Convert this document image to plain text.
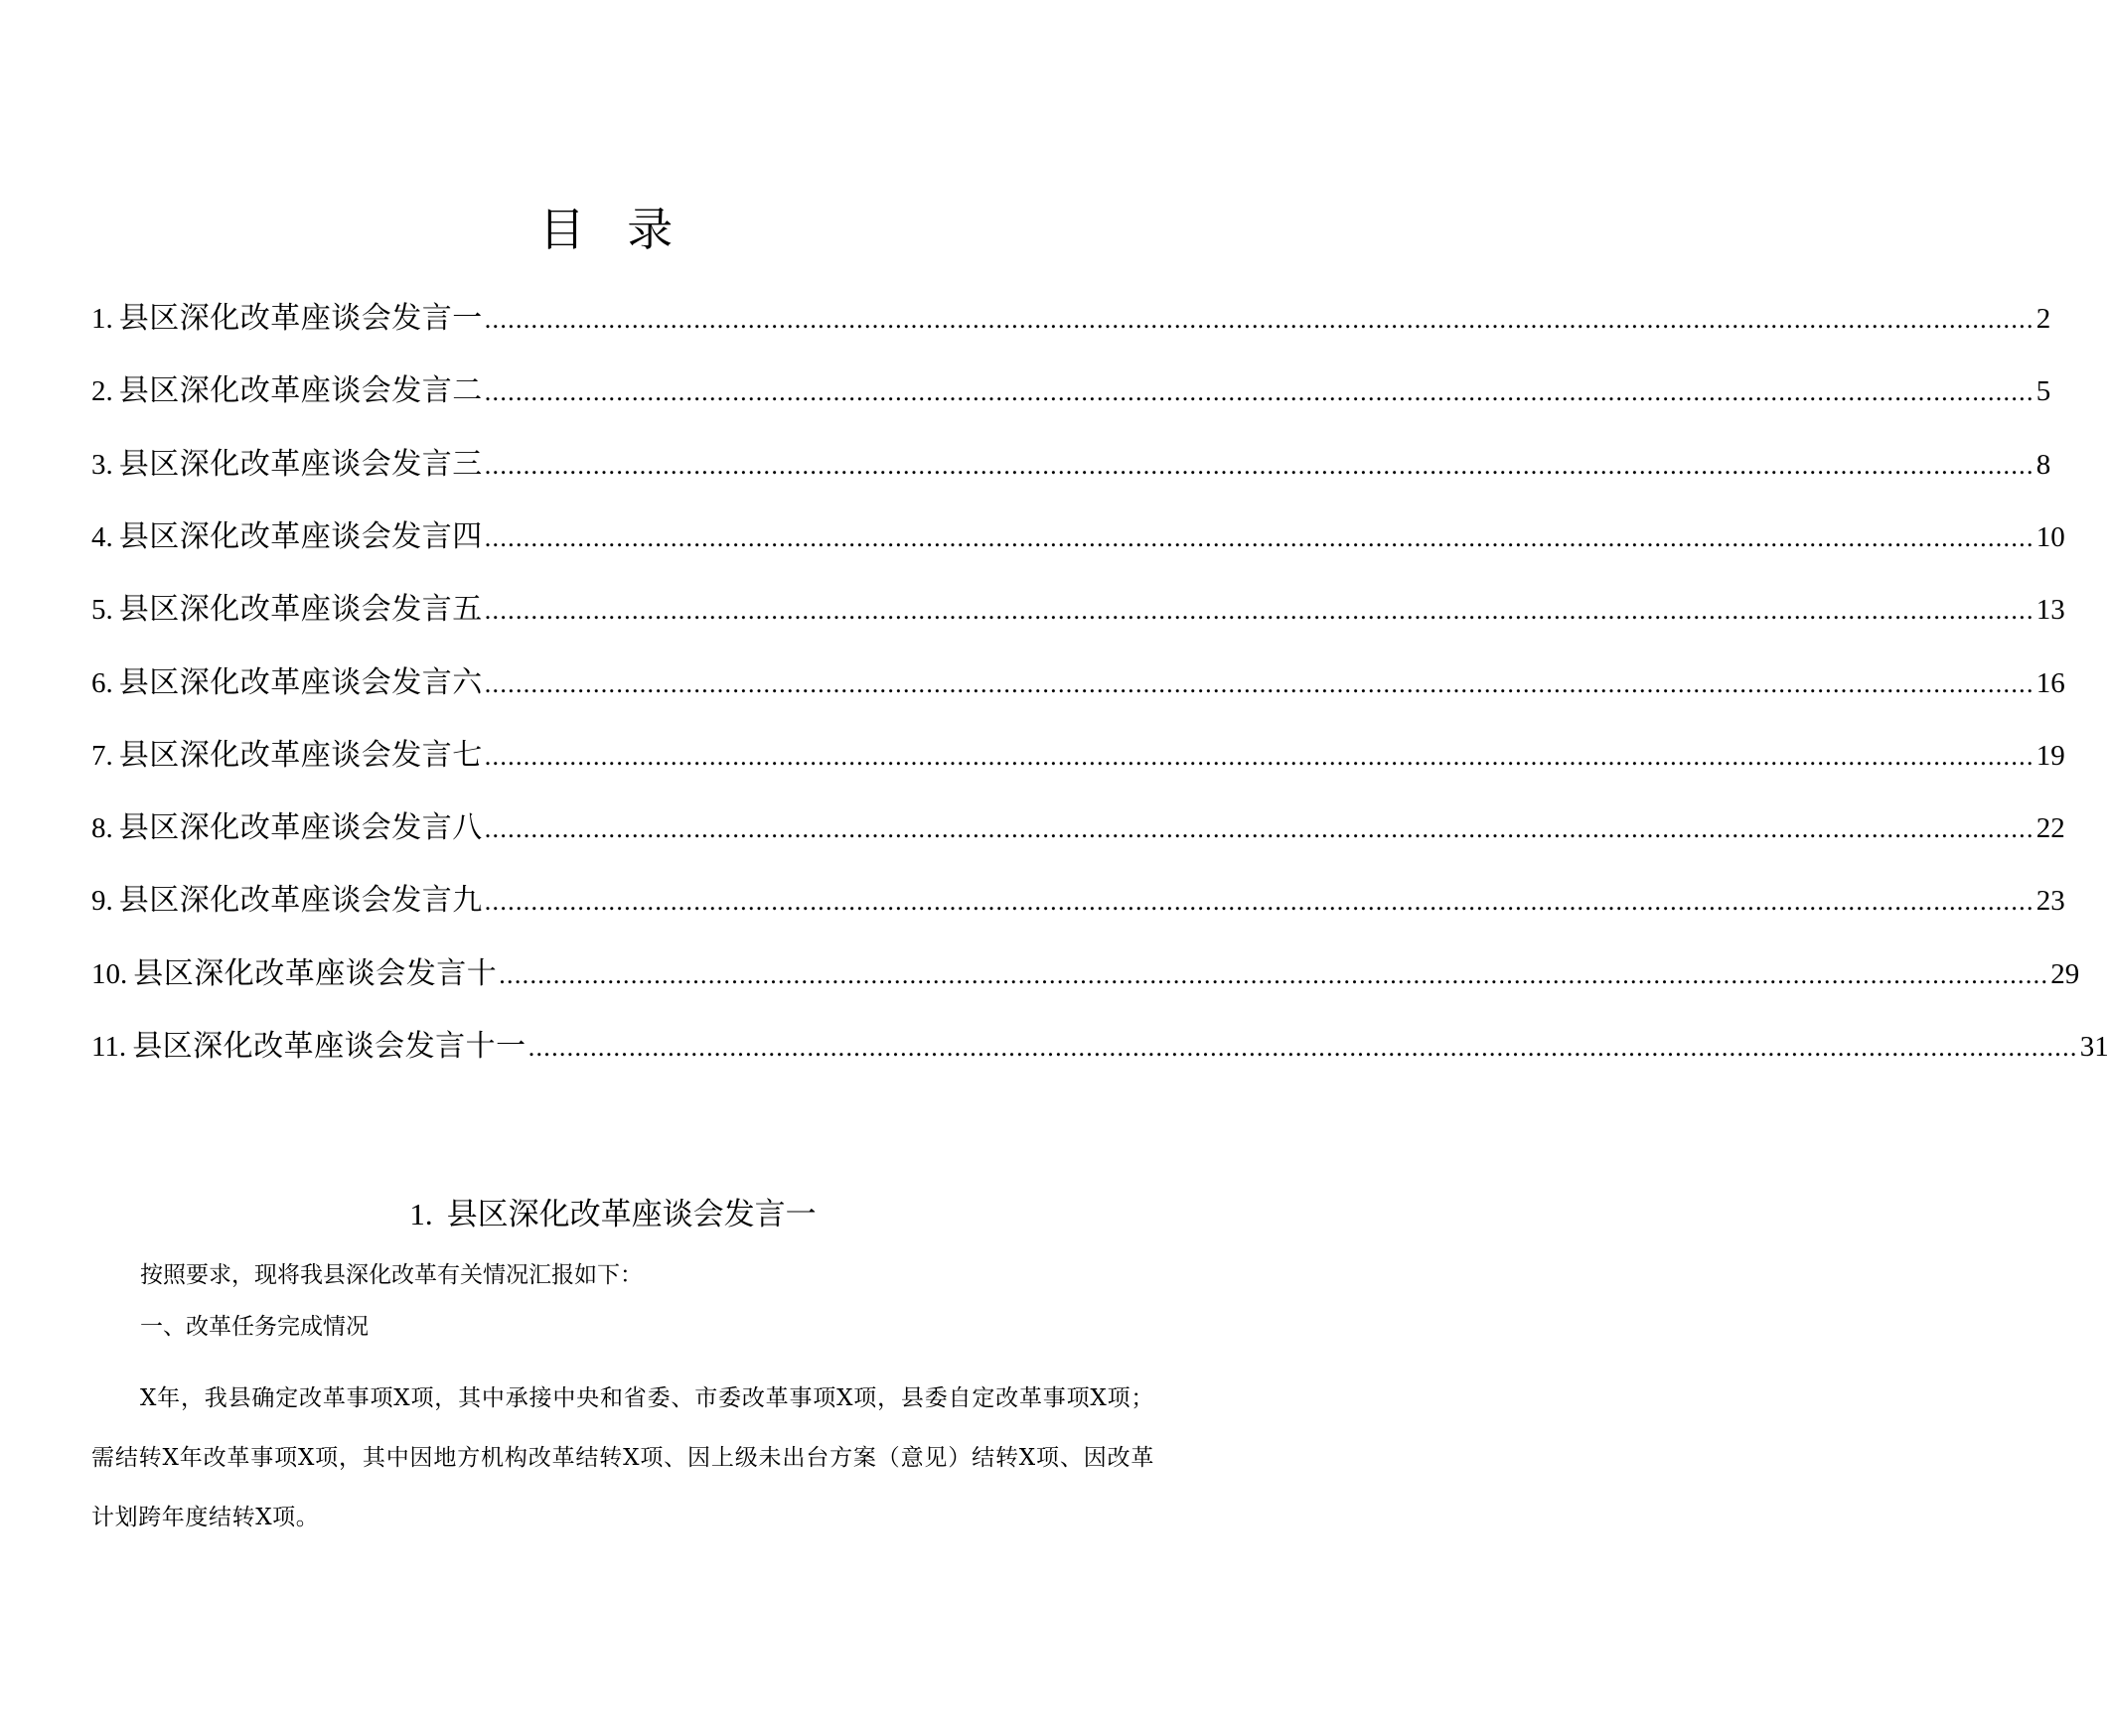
目 录
1. 县区深化改革座谈会发言一 ........................................................................................................................................................................................................ 2
2. 县区深化改革座谈会发言二 ........................................................................................................................................................................................................ 5
3. 县区深化改革座谈会发言三 ........................................................................................................................................................................................................ 8
4. 县区深化改革座谈会发言四 ........................................................................................................................................................................................................ 10
5. 县区深化改革座谈会发言五 ........................................................................................................................................................................................................ 13
6. 县区深化改革座谈会发言六 ........................................................................................................................................................................................................ 16
7. 县区深化改革座谈会发言七 ........................................................................................................................................................................................................ 19
8. 县区深化改革座谈会发言八 ........................................................................................................................................................................................................ 22
9. 县区深化改革座谈会发言九 ........................................................................................................................................................................................................ 23
10. 县区深化改革座谈会发言十 ........................................................................................................................................................................................................ 29
11. 县区深化改革座谈会发言十一 ........................................................................................................................................................................................................ 31
1. 县区深化改革座谈会发言一
按照要求，现将我县深化改革有关情况汇报如下：
一、改革任务完成情况
X年，我县确定改革事项X项，其中承接中央和省委、市委改革事项X项，县委自定改革事项X项；需结转X年改革事项X项，其中因地方机构改革结转X项、因上级未出台方案（意见）结转X项、因改革计划跨年度结转X项。
